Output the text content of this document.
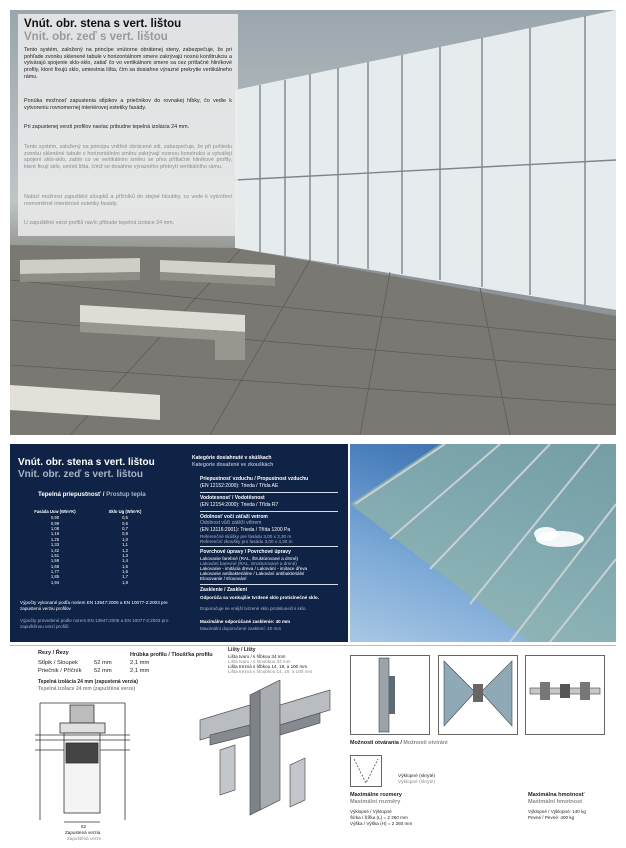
Vnút. obr. stena s vert. lištou
Vnit. obr. zeď s vert. lištou
Tento systém, založený na princípe vnútorne obrátenej steny, zabezpečuje, že pri pohľade zvonku sklenené tabule v horizontálnom smere zakrývajú nosnú konštrukciu a vytvárajú spojenie sklo-sklo, zatiaľ čo vo vertikálnom smere sa cez prítlačné hliníkové profily, ktoré fixujú sklo, umiestnia lišta, čím sa dosiahne výrazné prekrytie vertikálneho rámu.
Ponúka možnosť zapustenia stĺpikov a priečnikov do rovnakej hĺbky, čo vedie k vytvoreniu rovnomernej interiérovej estetiky fasády.
Pri zapustenej verzii profilov navíac pribudne tepelná izolácia 24 mm.
Tento systém, založený na principu vnitřně obrácené zdi, zabezpečuje, že při pohledu zvenku skleněné tabule v horizontálním směru zakrývají nosnou konstrukci a vytvářejí spojení sklo-sklo, zatím co ve vertikálním směru se přes přítlačné hliníkové profily, které fixují sklo, umístí lišta, čímž se dosáhne výrazného překrytí vertikálního rámu.
Nabízí možnost zapuštění sloupků a příčníků do stejné hloubky, co vede k vytvoření rovnoměrné interiérové estetiky fasády.
U zapuštěné verzi profilů navíc přibude tepelná izolace 24 mm.
Vnút. obr. stena s vert. lištou
Vnit. obr. zeď s vert. lištou
Tepelná priepustnosť / Prostup tepla
Fasáda Ucw (W/m²K)	Sklo Ug (W/m²K)
0,90	0,5
0,99	0,6
1,08	0,7
1,16	0,8
1,25	1,0
1,33	1,1
1,42	1,2
1,51	1,3
1,59	1,4
1,68	1,5
1,77	1,6
1,85	1,7
1,94	1,8
Výpočty vykonané podľa noriem EN 13947:2006 a EN 10077-2:2003 pre zapustenú verziu profilov
Výpočty provedené podle norem EN 13947:2006 a EN 10077-2:2003 pro zapuštěnou verzi profilů
Kategórie dosiahnuté v skúškach
Kategorie dosažené ve zkouškách
Priepustnosť vzduchu / Propustnost vzduchu
(EN 12152:2000): Trieda / Třída AE
Vodotesnosť / Vodotěsnost
(EN 12154:2000): Trieda / Třída R7
Odolnosť voči záťaži vetrom
Odolnost vůči zátěži větrem
(EN 13116:2001): Trieda / Třída 1200 Pa
Referenčné skúšky pre fasádu 3,00 x 3,30 m
Referenční zkoušky pro fasádu 3,00 x 3,30 m
Povrchové úpravy / Povrchové úpravy
Lakovanie farebné (RAL, štruktúrované a drsné)
Lakování barevné (RAL, strukturované a drsné)
Lakovanie - imitácia dreva / Lakování - imitace dřeva
Lakovanie antibakteriálne / Lakování antibakteriální
Eloxovanie / Eloxování
Zasklenie / Zasklení
Odporúča sa vonkajšie tvrdené sklo protislnečné sklo.
Doporučuje se vnější tvrzené sklo protisluneční sklo.
Maximálne odporúčané zasklenie: 40 mm
Maximální doporučené zasklení: 40 mm
Rezy / Řezy	Hrúbka profilu / Tloušťka profilu
Stĺpik / Sloupek	52 mm	2,1 mm
Priečnik / Příčník 52 mm	2,1 mm
Tepelná izolácia 24 mm (zapustená verzia)
Tepelná izolace 24 mm (zapuštěná verze)
52
Zapustená verzia
Zapuštěná verze
Lišty / Lišty
Lišta tvaru / s hĺbkou 34 mm
Lišta tvaru / s hloubkou 34 mm
Lišta trezná s hĺbkou 14, 19, a 100 mm
Lišta trezná s hloubkou 14, 19, a 100 mm
Možnosti otvárania / Možnosti otvírání
Výklopné (skryté)
Výklopné (skryté)
Maximálne rozmery
Maximální rozměry
Výklopné / Výklopné
Šírka / Šířka (L) = 2 260 mm
Výška / Výška (H) = 2 260 mm
Maximálna hmotnosť
Maximální hmotnost
Výklopné / Výklopné: 140 kg
Pevné / Pevné: 400 kg
